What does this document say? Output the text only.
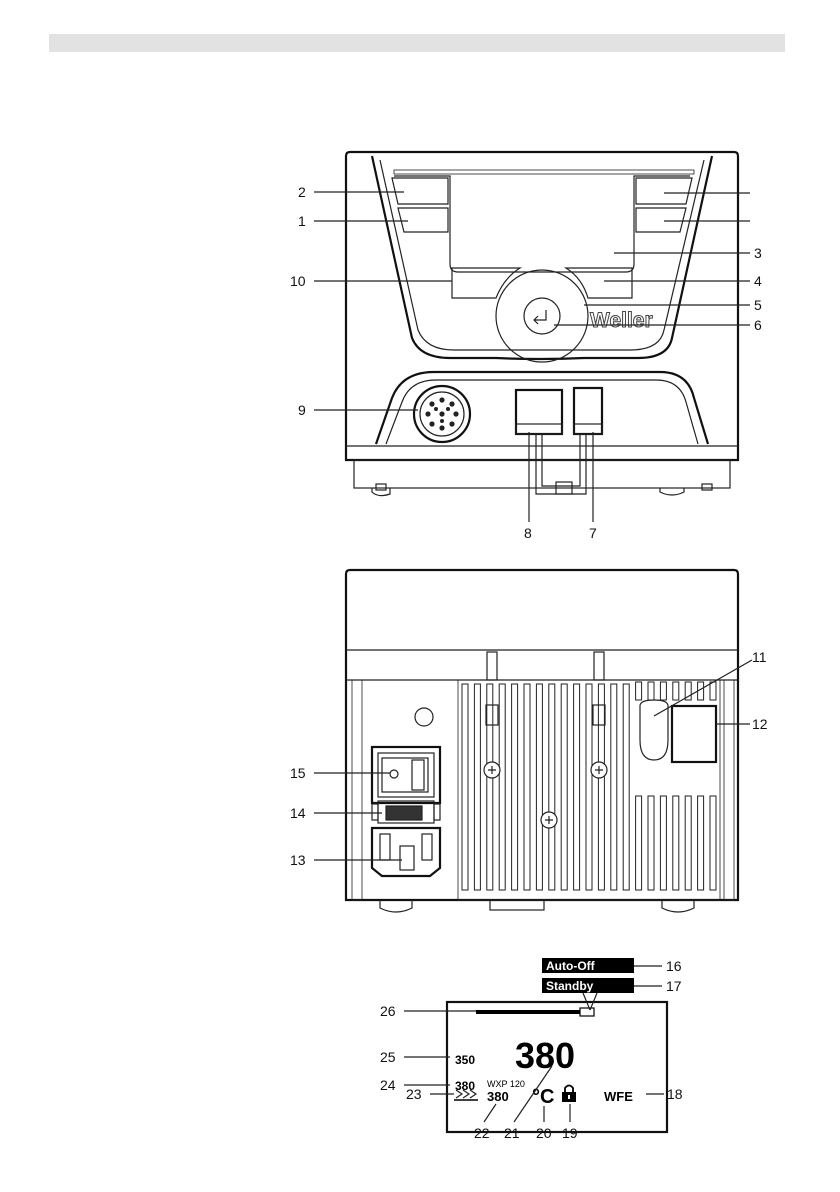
Weller
2
1
10
9
3
4
5
6
8	7
15
14
13
11
12
Auto-Off
Standby
350
380
380
WXP 120
380 °C	WFE
16
17
26
25
24
23	18
22 21 20 19
